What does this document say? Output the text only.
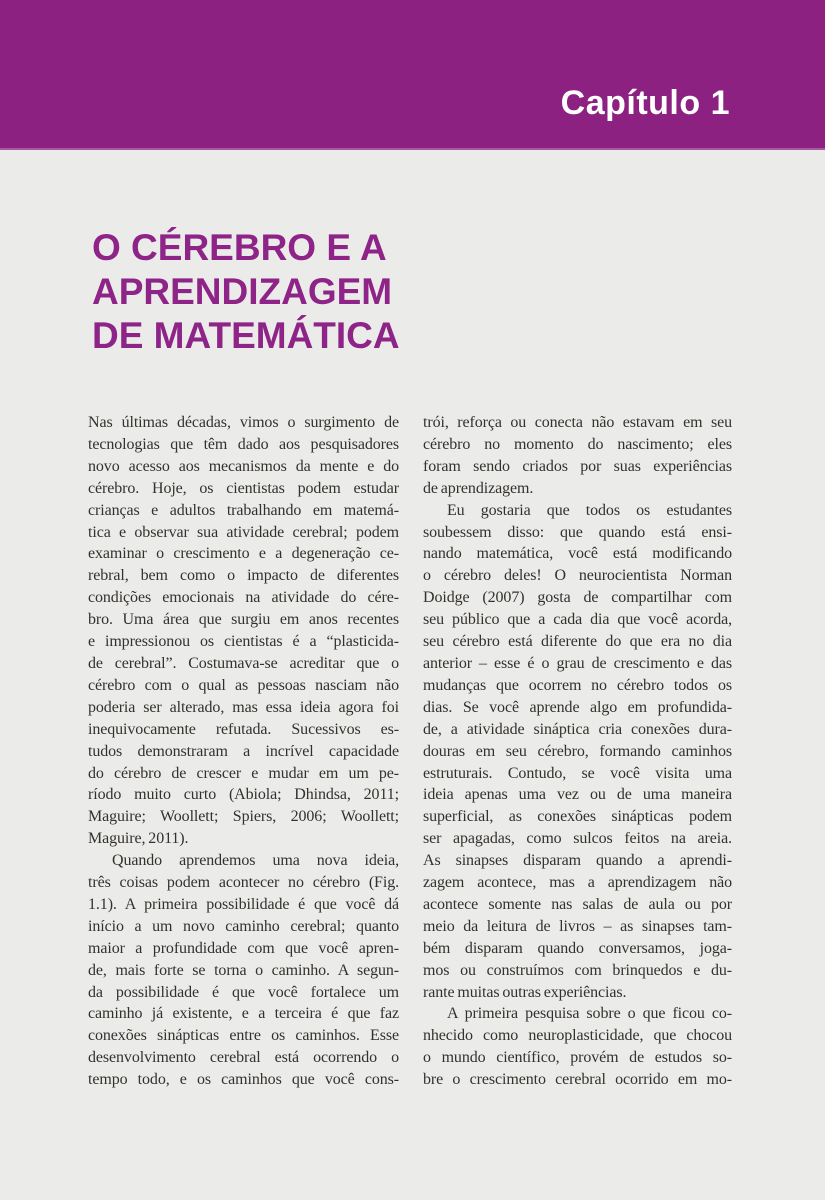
Capítulo 1
O CÉREBRO E A
APRENDIZAGEM
DE MATEMÁTICA
Nas últimas décadas, vimos o surgimento de
tecnologias que têm dado aos pesquisadores
novo acesso aos mecanismos da mente e do
cérebro. Hoje, os cientistas podem estudar
crianças e adultos trabalhando em matemá-
tica e observar sua atividade cerebral; podem
examinar o crescimento e a degeneração ce-
rebral, bem como o impacto de diferentes
condições emocionais na atividade do cére-
bro. Uma área que surgiu em anos recentes
e impressionou os cientistas é a “plasticida-
de cerebral”. Costumava-se acreditar que o
cérebro com o qual as pessoas nasciam não
poderia ser alterado, mas essa ideia agora foi
inequivocamente refutada. Sucessivos es-
tudos demonstraram a incrível capacidade
do cérebro de crescer e mudar em um pe-
ríodo muito curto (Abiola; Dhindsa, 2011;
Maguire; Woollett; Spiers, 2006; Woollett;
Maguire, 2011).
Quando aprendemos uma nova ideia,
três coisas podem acontecer no cérebro (Fig.
1.1). A primeira possibilidade é que você dá
início a um novo caminho cerebral; quanto
maior a profundidade com que você apren-
de, mais forte se torna o caminho. A segun-
da possibilidade é que você fortalece um
caminho já existente, e a terceira é que faz
conexões sinápticas entre os caminhos. Esse
desenvolvimento cerebral está ocorrendo o
tempo todo, e os caminhos que você cons-
trói, reforça ou conecta não estavam em seu
cérebro no momento do nascimento; eles
foram sendo criados por suas experiências
de aprendizagem.
Eu gostaria que todos os estudantes
soubessem disso: que quando está ensi-
nando matemática, você está modificando
o cérebro deles! O neurocientista Norman
Doidge (2007) gosta de compartilhar com
seu público que a cada dia que você acorda,
seu cérebro está diferente do que era no dia
anterior – esse é o grau de crescimento e das
mudanças que ocorrem no cérebro todos os
dias. Se você aprende algo em profundida-
de, a atividade sináptica cria conexões dura-
douras em seu cérebro, formando caminhos
estruturais. Contudo, se você visita uma
ideia apenas uma vez ou de uma maneira
superficial, as conexões sinápticas podem
ser apagadas, como sulcos feitos na areia.
As sinapses disparam quando a aprendi-
zagem acontece, mas a aprendizagem não
acontece somente nas salas de aula ou por
meio da leitura de livros – as sinapses tam-
bém disparam quando conversamos, joga-
mos ou construímos com brinquedos e du-
rante muitas outras experiências.
A primeira pesquisa sobre o que ficou co-
nhecido como neuroplasticidade, que chocou
o mundo científico, provém de estudos so-
bre o crescimento cerebral ocorrido em mo-
